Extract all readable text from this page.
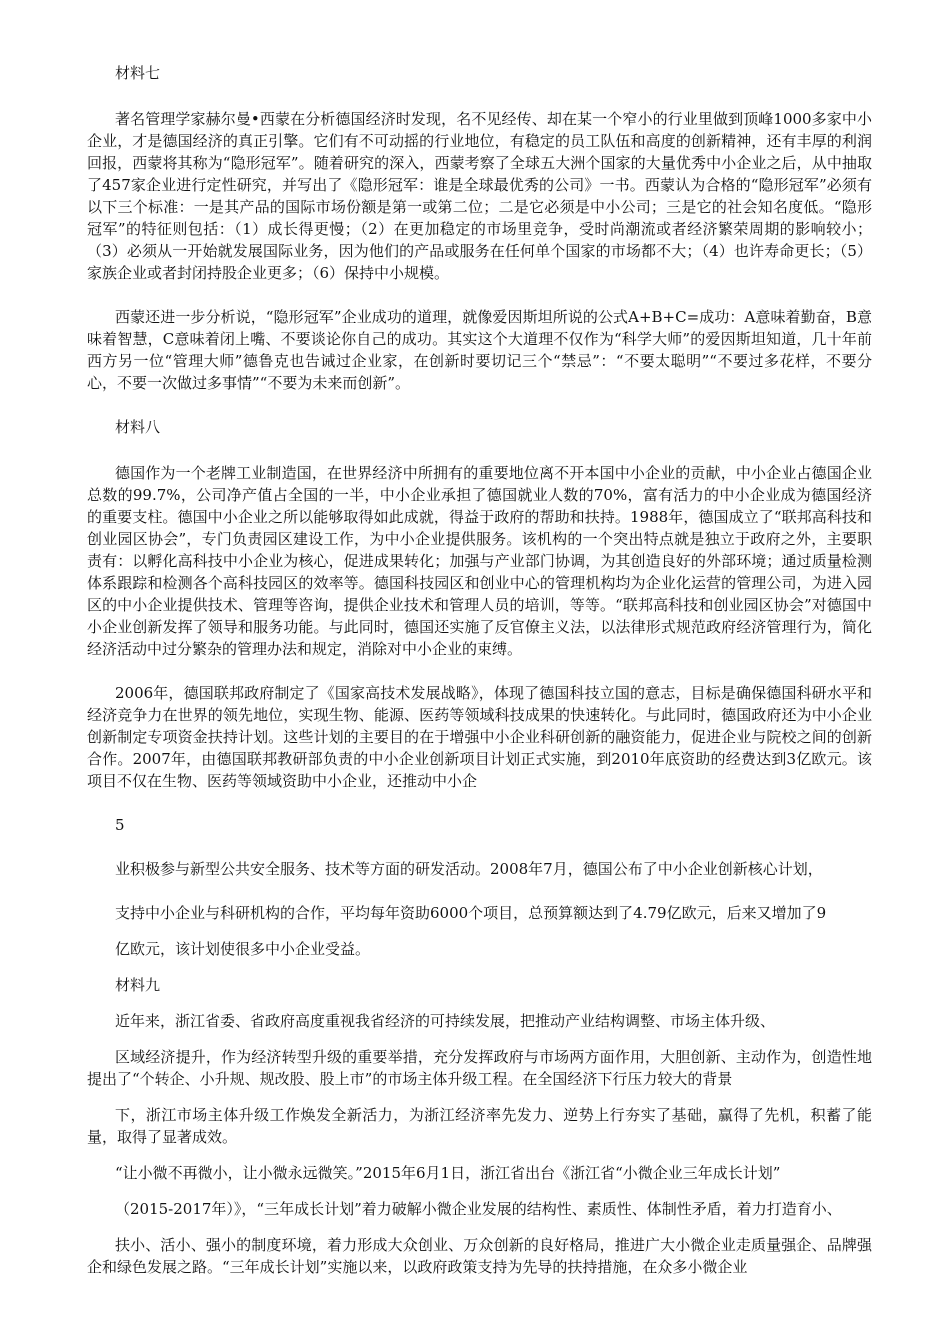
材料七

著名管理学家赫尔曼•西蒙在分析德国经济时发现，名不见经传、却在某一个窄小的行业里做到顶峰1000多家中小企业，才是德国经济的真正引擎。它们有不可动摇的行业地位，有稳定的员工队伍和高度的创新精神，还有丰厚的利润回报，西蒙将其称为“隐形冠军”。随着研究的深入，西蒙考察了全球五大洲个国家的大量优秀中小企业之后，从中抽取了457家企业进行定性研究，并写出了《隐形冠军：谁是全球最优秀的公司》一书。西蒙认为合格的“隐形冠军”必须有以下三个标准：一是其产品的国际市场份额是第一或第二位；二是它必须是中小公司；三是它的社会知名度低。“隐形冠军”的特征则包括：（1）成长得更慢；（2）在更加稳定的市场里竞争，受时尚潮流或者经济繁荣周期的影响较小；（3）必须从一开始就发展国际业务，因为他们的产品或服务在任何单个国家的市场都不大；（4）也许寿命更长；（5）家族企业或者封闭持股企业更多；（6）保持中小规模。

西蒙还进一步分析说，“隐形冠军”企业成功的道理，就像爱因斯坦所说的公式A+B+C=成功：A意味着勤奋，B意味着智慧，C意味着闭上嘴、不要谈论你自己的成功。其实这个大道理不仅作为“科学大师”的爱因斯坦知道，几十年前西方另一位“管理大师”德鲁克也告诫过企业家，在创新时要切记三个“禁忌”：“不要太聪明”“不要过多花样，不要分心，不要一次做过多事情”“不要为未来而创新”。

材料八

德国作为一个老牌工业制造国，在世界经济中所拥有的重要地位离不开本国中小企业的贡献，中小企业占德国企业总数的99.7%，公司净产值占全国的一半，中小企业承担了德国就业人数的70%，富有活力的中小企业成为德国经济的重要支柱。德国中小企业之所以能够取得如此成就，得益于政府的帮助和扶持。1988年，德国成立了“联邦高科技和创业园区协会”，专门负责园区建设工作，为中小企业提供服务。该机构的一个突出特点就是独立于政府之外，主要职责有：以孵化高科技中小企业为核心，促进成果转化；加强与产业部门协调，为其创造良好的外部环境；通过质量检测体系跟踪和检测各个高科技园区的效率等。德国科技园区和创业中心的管理机构均为企业化运营的管理公司，为进入园区的中小企业提供技术、管理等咨询，提供企业技术和管理人员的培训，等等。“联邦高科技和创业园区协会”对德国中小企业创新发挥了领导和服务功能。与此同时，德国还实施了反官僚主义法，以法律形式规范政府经济管理行为，简化经济活动中过分繁杂的管理办法和规定，消除对中小企业的束缚。

2006年，德国联邦政府制定了《国家高技术发展战略》，体现了德国科技立国的意志，目标是确保德国科研水平和经济竞争力在世界的领先地位，实现生物、能源、医药等领域科技成果的快速转化。与此同时，德国政府还为中小企业创新制定专项资金扶持计划。这些计划的主要目的在于增强中小企业科研创新的融资能力，促进企业与院校之间的创新合作。2007年，由德国联邦教研部负责的中小企业创新项目计划正式实施，到2010年底资助的经费达到3亿欧元。该项目不仅在生物、医药等领域资助中小企业，还推动中小企

5

业积极参与新型公共安全服务、技术等方面的研发活动。2008年7月，德国公布了中小企业创新核心计划，

支持中小企业与科研机构的合作，平均每年资助6000个项目，总预算额达到了4.79亿欧元，后来又增加了9

亿欧元，该计划使很多中小企业受益。

材料九

近年来，浙江省委、省政府高度重视我省经济的可持续发展，把推动产业结构调整、市场主体升级、

区域经济提升，作为经济转型升级的重要举措，充分发挥政府与市场两方面作用，大胆创新、主动作为，创造性地提出了“个转企、小升规、规改股、股上市”的市场主体升级工程。在全国经济下行压力较大的背景

下，浙江市场主体升级工作焕发全新活力，为浙江经济率先发力、逆势上行夯实了基础，赢得了先机，积蓄了能量，取得了显著成效。

“让小微不再微小，让小微永远微笑。”2015年6月1日，浙江省出台《浙江省“小微企业三年成长计划”

（2015-2017年）》，“三年成长计划”着力破解小微企业发展的结构性、素质性、体制性矛盾，着力打造育小、

扶小、活小、强小的制度环境，着力形成大众创业、万众创新的良好格局，推进广大小微企业走质量强企、品牌强企和绿色发展之路。“三年成长计划”实施以来，以政府政策支持为先导的扶持措施，在众多小微企业
